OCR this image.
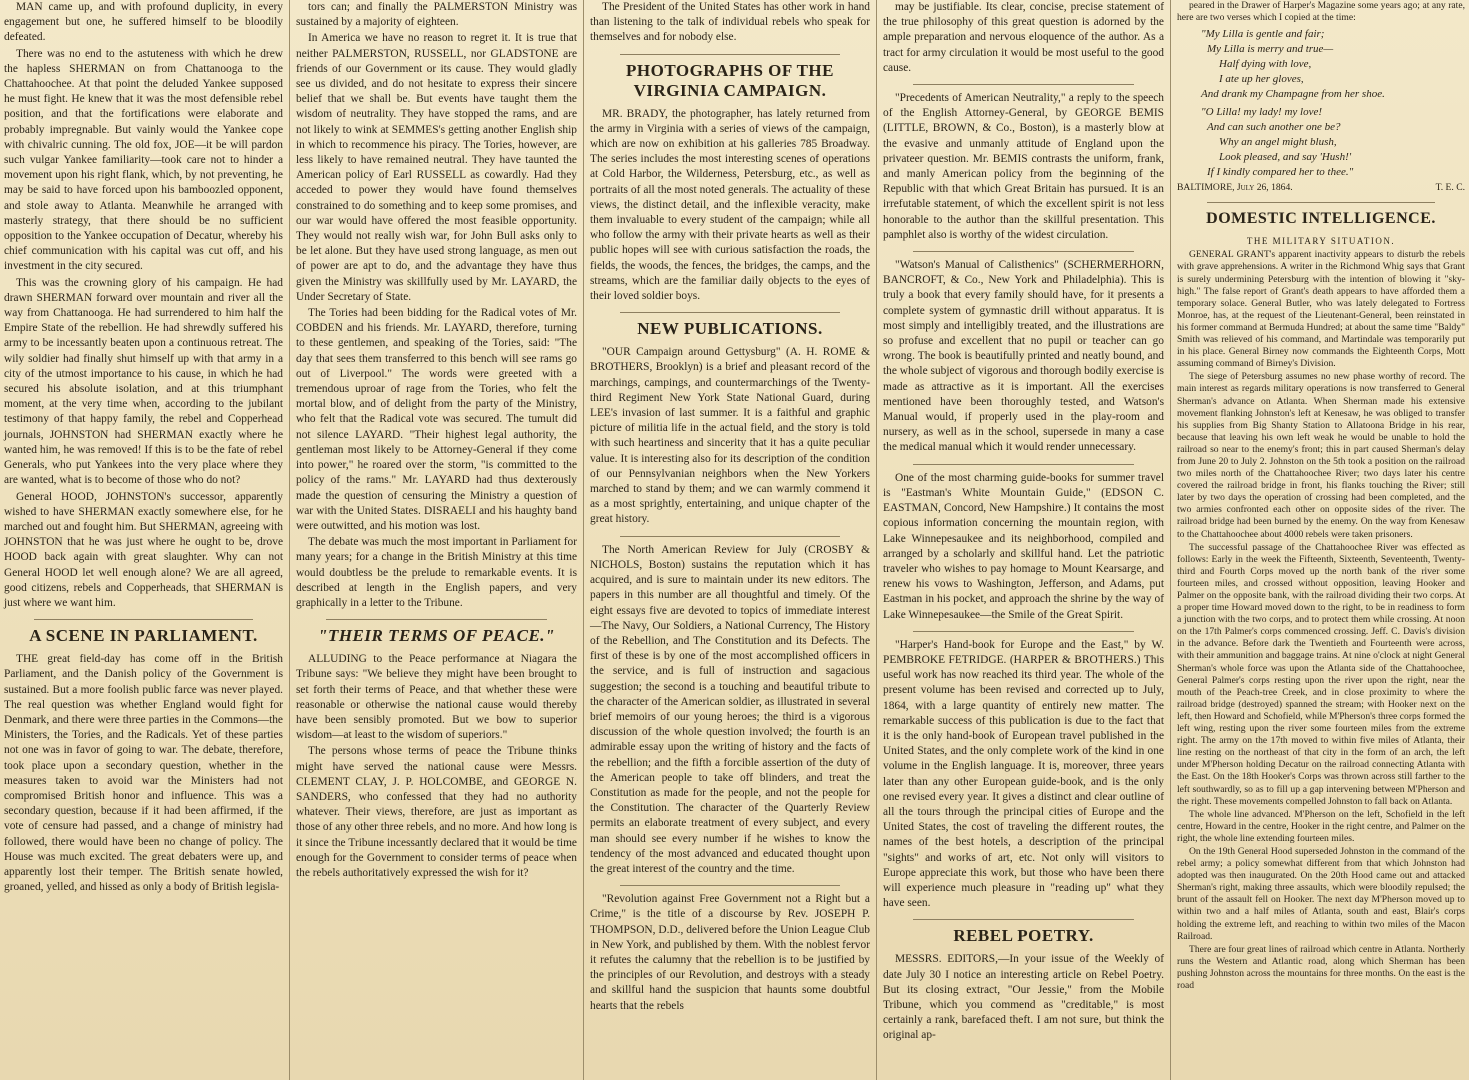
MAN came up, and with profound duplicity, in every engagement but one, he suffered himself to be bloodily defeated.

There was no end to the astuteness with which he drew the hapless SHERMAN on from Chattanooga to the Chattahoochee. At that point the deluded Yankee supposed he must fight. He knew that it was the most defensible rebel position, and that the fortifications were elaborate and probably impregnable. But vainly would the Yankee cope with chivalric cunning. The old fox, JOE—it be will pardon such vulgar Yankee familiarity—took care not to hinder a movement upon his right flank, which, by not preventing, he may be said to have forced upon his bamboozled opponent, and stole away to Atlanta. Meanwhile he arranged with masterly strategy, that there should be no sufficient opposition to the Yankee occupation of Decatur, whereby his chief communication with his capital was cut off, and his investment in the city secured.

This was the crowning glory of his campaign. He had drawn SHERMAN forward over mountain and river all the way from Chattanooga. He had surrendered to him half the Empire State of the rebellion. He had shrewdly suffered his army to be incessantly beaten upon a continuous retreat. The wily soldier had finally shut himself up with that army in a city of the utmost importance to his cause, in which he had secured his absolute isolation, and at this triumphant moment, at the very time when, according to the jubilant testimony of that happy family, the rebel and Copperhead journals, JOHNSTON had SHERMAN exactly where he wanted him, he was removed! If this is to be the fate of rebel Generals, who put Yankees into the very place where they are wanted, what is to become of those who do not?

General HOOD, JOHNSTON's successor, apparently wished to have SHERMAN exactly somewhere else, for he marched out and fought him. But SHERMAN, agreeing with JOHNSTON that he was just where he ought to be, drove HOOD back again with great slaughter. Why can not General HOOD let well enough alone? We are all agreed, good citizens, rebels and Copperheads, that SHERMAN is just where we want him.

A SCENE IN PARLIAMENT.

THE great field-day has come off in the British Parliament, and the Danish policy of the Government is sustained. But a more foolish public farce was never played. The real question was whether England would fight for Denmark, and there were three parties in the Commons—the Ministers, the Tories, and the Radicals. Yet of these parties not one was in favor of going to war. The debate, therefore, took place upon a secondary question, whether in the measures taken to avoid war the Ministers had not compromised British honor and influence. This was a secondary question, because if it had been affirmed, if the vote of censure had passed, and a change of ministry had followed, there would have been no change of policy. The House was much excited. The great debaters were up, and apparently lost their temper. The British senate howled, groaned, yelled, and hissed as only a body of British legisla-

tors can; and finally the PALMERSTON Ministry was sustained by a majority of eighteen.

In America we have no reason to regret it. It is true that neither PALMERSTON, RUSSELL, nor GLADSTONE are friends of our Government or its cause. They would gladly see us divided, and do not hesitate to express their sincere belief that we shall be. But events have taught them the wisdom of neutrality. They have stopped the rams, and are not likely to wink at SEMMES's getting another English ship in which to recommence his piracy. The Tories, however, are less likely to have remained neutral. They have taunted the American policy of Earl RUSSELL as cowardly. Had they acceded to power they would have found themselves constrained to do something and to keep some promises, and our war would have offered the most feasible opportunity. They would not really wish war, for John Bull asks only to be let alone. But they have used strong language, as men out of power are apt to do, and the advantage they have thus given the Ministry was skillfully used by Mr. LAYARD, the Under Secretary of State.

The Tories had been bidding for the Radical votes of Mr. COBDEN and his friends. Mr. LAYARD, therefore, turning to these gentlemen, and speaking of the Tories, said: "The day that sees them transferred to this bench will see rams go out of Liverpool." The words were greeted with a tremendous uproar of rage from the Tories, who felt the mortal blow, and of delight from the party of the Ministry, who felt that the Radical vote was secured. The tumult did not silence LAYARD. "Their highest legal authority, the gentleman most likely to be Attorney-General if they come into power," he roared over the storm, "is committed to the policy of the rams." Mr. LAYARD had thus dexterously made the question of censuring the Ministry a question of war with the United States. DISRAELI and his haughty band were outwitted, and his motion was lost.

The debate was much the most important in Parliament for many years; for a change in the British Ministry at this time would doubtless be the prelude to remarkable events. It is described at length in the English papers, and very graphically in a letter to the Tribune.

"THEIR TERMS OF PEACE."

ALLUDING to the Peace performance at Niagara the Tribune says: "We believe they might have been brought to set forth their terms of Peace, and that whether these were reasonable or otherwise the national cause would thereby have been sensibly promoted. But we bow to superior wisdom—at least to the wisdom of superiors."

The persons whose terms of peace the Tribune thinks might have served the national cause were Messrs. CLEMENT CLAY, J. P. HOLCOMBE, and GEORGE N. SANDERS, who confessed that they had no authority whatever. Their views, therefore, are just as important as those of any other three rebels, and no more. And how long is it since the Tribune incessantly declared that it would be time enough for the Government to consider terms of peace when the rebels authoritatively expressed the wish for it?

The President of the United States has other work in hand than listening to the talk of individual rebels who speak for themselves and for nobody else.

PHOTOGRAPHS OF THE VIRGINIA CAMPAIGN.

MR. BRADY, the photographer, has lately returned from the army in Virginia with a series of views of the campaign, which are now on exhibition at his galleries 785 Broadway. The series includes the most interesting scenes of operations at Cold Harbor, the Wilderness, Petersburg, etc., as well as portraits of all the most noted generals. The actuality of these views, the distinct detail, and the inflexible veracity, make them invaluable to every student of the campaign; while all who follow the army with their private hearts as well as their public hopes will see with curious satisfaction the roads, the fields, the woods, the fences, the bridges, the camps, and the streams, which are the familiar daily objects to the eyes of their loved soldier boys.

NEW PUBLICATIONS.

"OUR Campaign around Gettysburg" (A. H. ROME & BROTHERS, Brooklyn) is a brief and pleasant record of the marchings, campings, and countermarchings of the Twenty-third Regiment New York State National Guard, during LEE's invasion of last summer. It is a faithful and graphic picture of militia life in the actual field, and the story is told with such heartiness and sincerity that it has a quite peculiar value. It is interesting also for its description of the condition of our Pennsylvanian neighbors when the New Yorkers marched to stand by them; and we can warmly commend it as a most sprightly, entertaining, and unique chapter of the great history.

The North American Review for July (CROSBY & NICHOLS, Boston) sustains the reputation which it has acquired, and is sure to maintain under its new editors. The papers in this number are all thoughtful and timely. Of the eight essays five are devoted to topics of immediate interest—The Navy, Our Soldiers, a National Currency, The History of the Rebellion, and The Constitution and its Defects. The first of these is by one of the most accomplished officers in the service, and is full of instruction and sagacious suggestion; the second is a touching and beautiful tribute to the character of the American soldier, as illustrated in several brief memoirs of our young heroes; the third is a vigorous discussion of the whole question involved; the fourth is an admirable essay upon the writing of history and the facts of the rebellion; and the fifth a forcible assertion of the duty of the American people to take off blinders, and treat the Constitution as made for the people, and not the people for the Constitution. The character of the Quarterly Review permits an elaborate treatment of every subject, and every man should see every number if he wishes to know the tendency of the most advanced and educated thought upon the great interest of the country and the time.

"Revolution against Free Government not a Right but a Crime," is the title of a discourse by Rev. JOSEPH P. THOMPSON, D.D., delivered before the Union League Club in New York, and published by them. With the noblest fervor it refutes the calumny that the rebellion is to be justified by the principles of our Revolution, and destroys with a steady and skillful hand the suspicion that haunts some doubtful hearts that the rebels

may be justifiable. Its clear, concise, precise statement of the true philosophy of this great question is adorned by the ample preparation and nervous eloquence of the author. As a tract for army circulation it would be most useful to the good cause.

"Precedents of American Neutrality," a reply to the speech of the English Attorney-General, by GEORGE BEMIS (LITTLE, BROWN, & Co., Boston), is a masterly blow at the evasive and unmanly attitude of England upon the privateer question. Mr. BEMIS contrasts the uniform, frank, and manly American policy from the beginning of the Republic with that which Great Britain has pursued. It is an irrefutable statement, of which the excellent spirit is not less honorable to the author than the skillful presentation. This pamphlet also is worthy of the widest circulation.

"Watson's Manual of Calisthenics" (SCHERMERHORN, BANCROFT, & Co., New York and Philadelphia). This is truly a book that every family should have, for it presents a complete system of gymnastic drill without apparatus. It is most simply and intelligibly treated, and the illustrations are so profuse and excellent that no pupil or teacher can go wrong. The book is beautifully printed and neatly bound, and the whole subject of vigorous and thorough bodily exercise is made as attractive as it is important. All the exercises mentioned have been thoroughly tested, and Watson's Manual would, if properly used in the play-room and nursery, as well as in the school, supersede in many a case the medical manual which it would render unnecessary.

One of the most charming guide-books for summer travel is "Eastman's White Mountain Guide," (EDSON C. EASTMAN, Concord, New Hampshire.) It contains the most copious information concerning the mountain region, with Lake Winnepesaukee and its neighborhood, compiled and arranged by a scholarly and skillful hand. Let the patriotic traveler who wishes to pay homage to Mount Kearsarge, and renew his vows to Washington, Jefferson, and Adams, put Eastman in his pocket, and approach the shrine by the way of Lake Winnepesaukee—the Smile of the Great Spirit.

"Harper's Hand-book for Europe and the East," by W. PEMBROKE FETRIDGE. (HARPER & BROTHERS.) This useful work has now reached its third year. The whole of the present volume has been revised and corrected up to July, 1864, with a large quantity of entirely new matter. The remarkable success of this publication is due to the fact that it is the only hand-book of European travel published in the United States, and the only complete work of the kind in one volume in the English language. It is, moreover, three years later than any other European guide-book, and is the only one revised every year. It gives a distinct and clear outline of all the tours through the principal cities of Europe and the United States, the cost of traveling the different routes, the names of the best hotels, a description of the principal "sights" and works of art, etc. Not only will visitors to Europe appreciate this work, but those who have been there will experience much pleasure in "reading up" what they have seen.

REBEL POETRY.

MESSRS. EDITORS,—In your issue of the Weekly of date July 30 I notice an interesting article on Rebel Poetry. But its closing extract, "Our Jessie," from the Mobile Tribune, which you commend as "creditable," is most certainly a rank, barefaced theft. I am not sure, but think the original ap-

peared in the Drawer of Harper's Magazine some years ago; at any rate, here are two verses which I copied at the time:

"My Lilla is gentle and fair;

My Lilla is merry and true—

Half dying with love,

I ate up her gloves,

And drank my Champagne from her shoe.

"O Lilla! my lady! my love!

And can such another one be?

Why an angel might blush,

Look pleased, and say 'Hush!'

If I kindly compared her to thee."

BALTIMORE, July 26, 1864.	T. E. C.

DOMESTIC INTELLIGENCE.

THE MILITARY SITUATION.

GENERAL GRANT's apparent inactivity appears to disturb the rebels with grave apprehensions. A writer in the Richmond Whig says that Grant is surely undermining Petersburg with the intention of blowing it "sky-high." The false report of Grant's death appears to have afforded them a temporary solace. General Butler, who was lately delegated to Fortress Monroe, has, at the request of the Lieutenant-General, been reinstated in his former command at Bermuda Hundred; at about the same time "Baldy" Smith was relieved of his command, and Martindale was temporarily put in his place. General Birney now commands the Eighteenth Corps, Mott assuming command of Birney's Division.

The siege of Petersburg assumes no new phase worthy of record. The main interest as regards military operations is now transferred to General Sherman's advance on Atlanta. When Sherman made his extensive movement flanking Johnston's left at Kenesaw, he was obliged to transfer his supplies from Big Shanty Station to Allatoona Bridge in his rear, because that leaving his own left weak he would be unable to hold the railroad so near to the enemy's front; this in part caused Sherman's delay from June 20 to July 2. Johnston on the 5th took a position on the railroad two miles north of the Chattahoochee River; two days later his centre covered the railroad bridge in front, his flanks touching the River; still later by two days the operation of crossing had been completed, and the two armies confronted each other on opposite sides of the river. The railroad bridge had been burned by the enemy. On the way from Kenesaw to the Chattahoochee about 4000 rebels were taken prisoners.

The successful passage of the Chattahoochee River was effected as follows: Early in the week the Fifteenth, Sixteenth, Seventeenth, Twenty-third and Fourth Corps moved up the north bank of the river some fourteen miles, and crossed without opposition, leaving Hooker and Palmer on the opposite bank, with the railroad dividing their two corps. At a proper time Howard moved down to the right, to be in readiness to form a junction with the two corps, and to protect them while crossing. At noon on the 17th Palmer's corps commenced crossing. Jeff. C. Davis's division in the advance. Before dark the Twentieth and Fourteenth were across, with their ammunition and baggage trains. At nine o'clock at night General Sherman's whole force was upon the Atlanta side of the Chattahoochee, General Palmer's corps resting upon the river upon the right, near the mouth of the Peach-tree Creek, and in close proximity to where the railroad bridge (destroyed) spanned the stream; with Hooker next on the left, then Howard and Schofield, while M'Pherson's three corps formed the left wing, resting upon the river some fourteen miles from the extreme right. The army on the 17th moved to within five miles of Atlanta, their line resting on the northeast of that city in the form of an arch, the left under M'Pherson holding Decatur on the railroad connecting Atlanta with the East. On the 18th Hooker's Corps was thrown across still farther to the left southwardly, so as to fill up a gap intervening between M'Pherson and the right. These movements compelled Johnston to fall back on Atlanta.

The whole line advanced. M'Pherson on the left, Schofield in the left centre, Howard in the centre, Hooker in the right centre, and Palmer on the right, the whole line extending fourteen miles.

On the 19th General Hood superseded Johnston in the command of the rebel army; a policy somewhat different from that which Johnston had adopted was then inaugurated. On the 20th Hood came out and attacked Sherman's right, making three assaults, which were bloodily repulsed; the brunt of the assault fell on Hooker. The next day M'Pherson moved up to within two and a half miles of Atlanta, south and east, Blair's corps holding the extreme left, and reaching to within two miles of the Macon Railroad.

There are four great lines of railroad which centre in Atlanta. Northerly runs the Western and Atlantic road, along which Sherman has been pushing Johnston across the mountains for three months. On the east is the road
